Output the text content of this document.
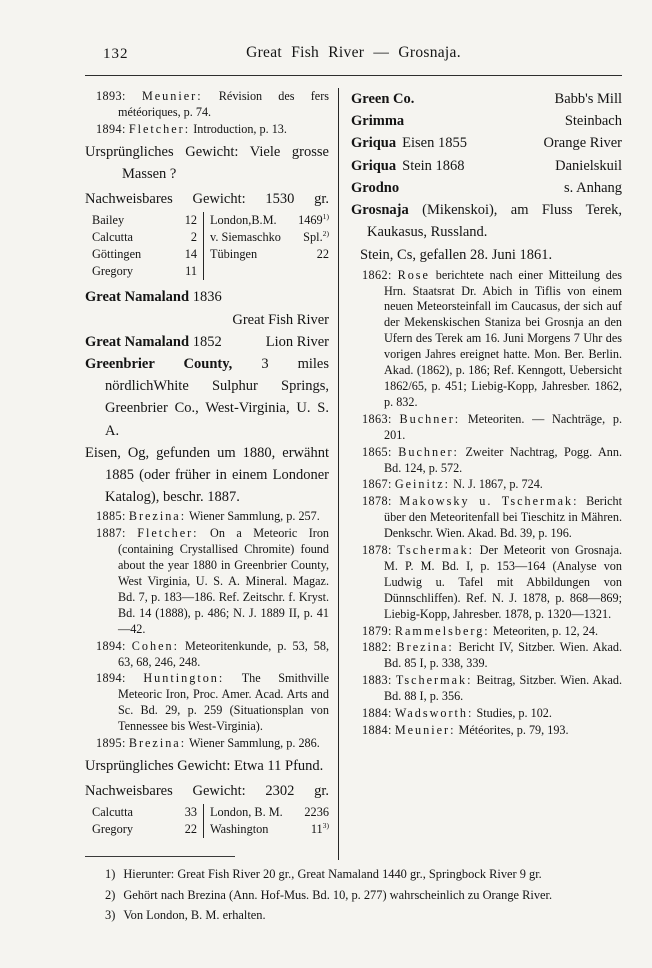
132	Great Fish River — Grosnaja.

1893: Meunier: Révision des fers météoriques, p. 74.

1894: Fletcher: Introduction, p. 13.

Ursprüngliches Gewicht: Viele grosse Massen ?

Nachweisbares Gewicht: 1530 gr.

Bailey	12	London,B.M. 1469$^{1)}$
Calcutta	2	v. Siemaschko Spl.$^{2)}$
Göttingen	14	Tübingen	22
Gregory	11
Great Namaland 1836
Great Fish River
Great Namaland 1852	Lion River

Greenbrier County, 3 miles nördlichWhite Sulphur Springs, Greenbrier Co., West-Virginia, U. S. A.

Eisen, Og, gefunden um 1880, erwähnt 1885 (oder früher in einem Londoner Katalog), beschr. 1887.

1885: Brezina: Wiener Sammlung, p. 257.

1887: Fletcher: On a Meteoric Iron (containing Crystallised Chromite) found about the year 1880 in Greenbrier County, West Virginia, U. S. A. Mineral. Magaz. Bd. 7, p. 183—186. Ref. Zeitschr. f. Kryst. Bd. 14 (1888), p. 486; N. J. 1889 II, p. 41—42.

1894: Cohen: Meteoritenkunde, p. 53, 58, 63, 68, 246, 248.

1894: Huntington: The Smithville Meteoric Iron, Proc. Amer. Acad. Arts and Sc. Bd. 29, p. 259 (Situationsplan von Tennessee bis West-Virginia).

1895: Brezina: Wiener Sammlung, p. 286.

Ursprüngliches Gewicht: Etwa 11 Pfund.

Nachweisbares Gewicht: 2302 gr.

Calcutta	33	London, B. M. 2236
Gregory	22	Washington	11$^{3)}$
Green Co.	Babb's Mill
Grimma	Steinbach
Griqua Eisen 1855	Orange River
Griqua Stein 1868	Danielskuil
Grodno	s. Anhang

Grosnaja (Mikenskoi), am Fluss Terek, Kaukasus, Russland.

Stein, Cs, gefallen 28. Juni 1861.

1862: Rose berichtete nach einer Mitteilung des Hrn. Staatsrat Dr. Abich in Tiflis von einem neuen Meteorsteinfall im Caucasus, der sich auf der Mekenskischen Staniza bei Grosnja an den Ufern des Terek am 16. Juni Morgens 7 Uhr des vorigen Jahres ereignet hatte. Mon. Ber. Berlin. Akad. (1862), p. 186; Ref. Kenngott, Uebersicht 1862/65, p. 451; Liebig-Kopp, Jahresber. 1862, p. 832.

1863: Buchner: Meteoriten. — Nachträge, p. 201.

1865: Buchner: Zweiter Nachtrag, Pogg. Ann. Bd. 124, p. 572.

1867: Geinitz: N. J. 1867, p. 724.

1878: Makowsky u. Tschermak: Bericht über den Meteoritenfall bei Tieschitz in Mähren. Denkschr. Wien. Akad. Bd. 39, p. 196.

1878: Tschermak: Der Meteorit von Grosnaja. M. P. M. Bd. I, p. 153—164 (Analyse von Ludwig u. Tafel mit Abbildungen von Dünnschliffen). Ref. N. J. 1878, p. 868—869; Liebig-Kopp, Jahresber. 1878, p. 1320—1321.

1879: Rammelsberg: Meteoriten, p. 12, 24.

1882: Brezina: Bericht IV, Sitzber. Wien. Akad. Bd. 85 I, p. 338, 339.

1883: Tschermak: Beitrag, Sitzber. Wien. Akad. Bd. 88 I, p. 356.

1884: Wadsworth: Studies, p. 102.

1884: Meunier: Météorites, p. 79, 193.

1) Hierunter: Great Fish River 20 gr., Great Namaland 1440 gr., Springbock River 9 gr.
2) Gehört nach Brezina (Ann. Hof-Mus. Bd. 10, p. 277) wahrscheinlich zu Orange River.
3) Von London, B. M. erhalten.
